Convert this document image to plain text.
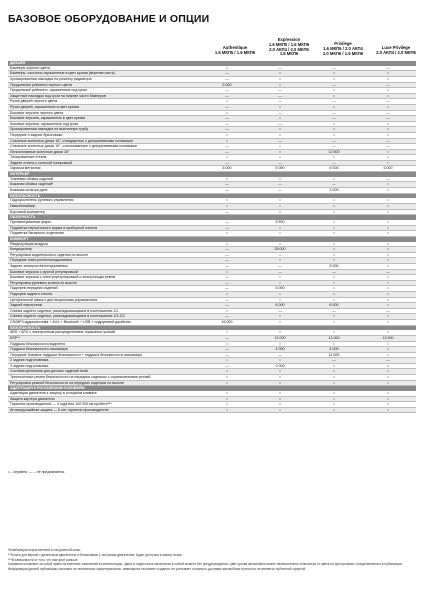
БАЗОВОЕ ОБОРУДОВАНИЕ И ОПЦИИ
Authentique
1.6 МКП5 / 1.6 МКП6
Expression
1.6 МКП5 / 1.6 МКП6
2.0 АКП4 / 2.0 МКП6
1.5 МКП6
Privilege
1.6 МКП6 / 2.0 АКП4
2.0 МКП6 / 1.5 МКП6
Luxe Privilege
2.0 АКП4 / 2.0 МКП6
ДИЗАЙН
Бамперы черного цвета	•	—	—	—
Бамперы, частично окрашенные в цвет кузова (верхняя часть)	—	•	•	•
Хромированная накладка на решетку радиатора	—	•	•	•
Продольные рейлинги черного цвета	6 000	•	—	—
Продольные рейлинги, окрашенные под хром	—	—	•	•
Защитные накладки под хром на нижние части бамперов	—	—	•	•
Ручки дверей черного цвета	•	—	—	—
Ручки дверей, окрашенные в цвет кузова	—	•	•	•
Боковые зеркала черного цвета	•	—	—	—
Боковые зеркала, окрашенные в цвет кузова	—	•	—	—
Боковые зеркала, окрашенные под хром	—	—	•	•
Хромированная накладка на выхлопную трубу	—	•	•	•
Передние и задние брызговики	•	•	•	•
Стальные колесные диски 16", стандартные с декоративными колпаками	•	—	—	—
Стальные колесные диски 16", стилизованные с декоративными колпаками	—	•	—	—
Легкосплавные колесные диски 16"	—	•	12 500	•
Тонированные стекла	•	•	•	•
Задние стекла с сильной тонировкой	—	—	—	•
Окраска металлик	6 000	6 000	6 000	6 000
ИНТЕРЬЕР
Тканевая обивка сидений	•	•	•	—
Кожаная обивка сидений*	—	—	—	•
Кожаная оплетка руля	—	—	3 000	•
БЕЗОПАСНОСТЬ
Гидроусилитель рулевого управления	•	•	•	•
Иммобилайзер	•	•	•	•
Бортовой компьютер	—	•	•	•
ОБЗОРНОСТЬ
Противотуманные фары	—	5 500	•	•
Подсветка перчаточного ящика в приборной панели	—	•	•	•
Подсветка багажного отделения	•	•	•	•
КОМФОРТ
Рециркуляция воздуха	•	•	•	•
Кондиционер	—	25 000	•	•
Регулировка водительского сиденья по высоте	—	•	•	•
Передние электростеклоподъемники	—	•	•	•
Задние электростеклоподъемники	—	—	5 000	•
Боковые зеркала с ручной регулировкой	•	—	—	—
Боковые зеркала с электрорегулировкой и электроподогревом	—	•	•	•
Регулировка рулевого колеса по высоте	—	•	•	•
Подогрев передних сидений	—	6 000	•	•
Подогрев заднего стекла	•	•	•	•
Центральный замок с дистанционным управлением	—	•	•	•
Задний парктроник	—	6 000	6 000	•
Спинка заднего сиденья, раскладывающаяся в соотношении 1/1	•	—	—	—
Спинка заднего сиденья, раскладывающаяся в соотношении 1/3-2/3	—	•	•	•
CD/MP3-аудиосистема + AUX + Bluetooth + USB + подрулевой джойстик	16 000	•	•	•
БЕЗОПАСНОСТЬ
ABS + AFU с электронным распределением тормозных усилий	•	•	•	•
ESP**	—	13 000	13 000	13 000
Подушка безопасности водителя	•	•	•	•
Подушка безопасности пассажира	—	4 000	4 000	•
Передние боковые подушки безопасности + подушка безопасности пассажира	—	—	11 000	•
2 задних подголовника	•	•	—	—
3 задних подголовника	—	3 000	•	•
Система крепления для детских сидений Isofix	•	•	•	•
Трехточечные ремни безопасности на передних сиденьях с ограничителями усилий	•	•	•	•
Регулировка ремней безопасности на передних сиденьях по высоте	•	•	•	•
АДАПТАЦИЯ К РОССИЙСКИМ УСЛОВИЯМ
Адаптация двигателя к запуску в холодном климате	•	•	•	•
Защита картера двигателя	•	•	•	•
Гарантия производителя — 3 года или 100 000 км пробега***	•	•	•	•
Антикоррозийная защита — 6 лет гарантии производителя	•	•	•	•
• – серийно; — – не предлагается.
*Комбинация искусственной и натуральной кожи.
**Только для версий с дизельным двигателем и бензиновым 2-литровым двигателем. Будет доступна в заказу позже.
***В зависимости от того, что наступит раньше.
Компания оставляет за собой право на внесение изменений в комплектации, цвета и отделочные материалы в любой момент без предупреждения. Цвет кузова автомобиля может незначительно отличаться от цвета на фотографиях, представленных в публикации. Информация данной публикации основана на технических характеристиках, имеющихся на момент издания, не учитывает стоимость доставки автомобиля в регион и не является публичной офертой.
